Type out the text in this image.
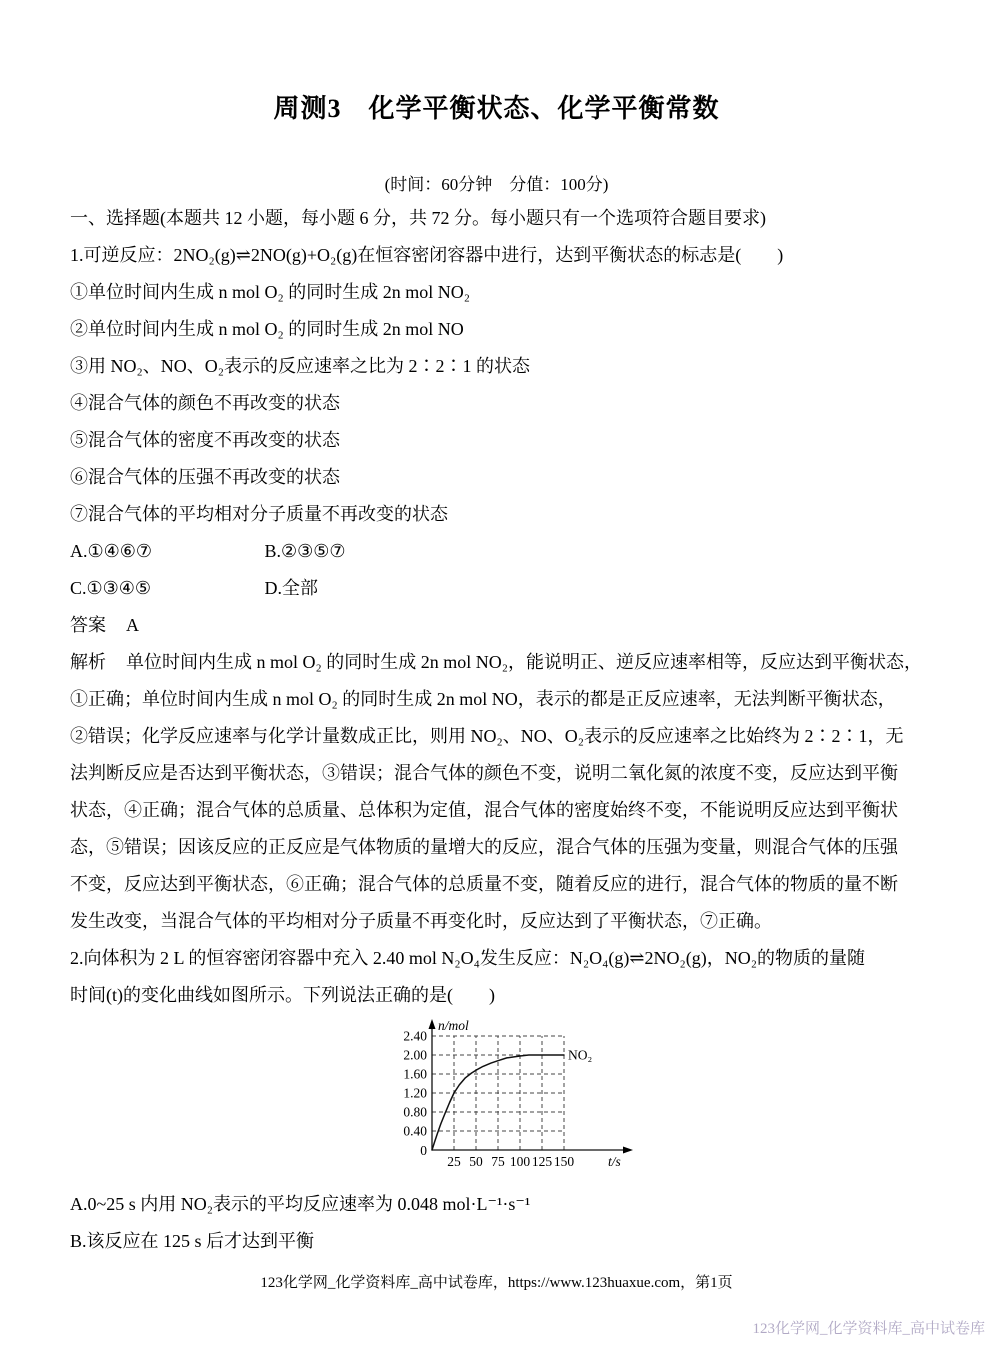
周测3　化学平衡状态、化学平衡常数
(时间：60分钟　分值：100分)
一、选择题(本题共 12 小题，每小题 6 分，共 72 分。每小题只有一个选项符合题目要求)
1.可逆反应：2NO₂(g)⇌2NO(g)+O₂(g)在恒容密闭容器中进行，达到平衡状态的标志是(　　)
①单位时间内生成 n mol O₂ 的同时生成 2n mol NO₂
②单位时间内生成 n mol O₂ 的同时生成 2n mol NO
③用 NO₂、NO、O₂表示的反应速率之比为 2∶2∶1 的状态
④混合气体的颜色不再改变的状态
⑤混合气体的密度不再改变的状态
⑥混合气体的压强不再改变的状态
⑦混合气体的平均相对分子质量不再改变的状态
A.①④⑥⑦	B.②③⑤⑦
C.①③④⑤	D.全部
答案 A
解析 单位时间内生成 n mol O₂ 的同时生成 2n mol NO₂，能说明正、逆反应速率相等，反应达到平衡状态，
①正确；单位时间内生成 n mol O₂ 的同时生成 2n mol NO，表示的都是正反应速率，无法判断平衡状态，
②错误；化学反应速率与化学计量数成正比，则用 NO₂、NO、O₂表示的反应速率之比始终为 2∶2∶1，无
法判断反应是否达到平衡状态，③错误；混合气体的颜色不变，说明二氧化氮的浓度不变，反应达到平衡
状态，④正确；混合气体的总质量、总体积为定值，混合气体的密度始终不变，不能说明反应达到平衡状
态，⑤错误；因该反应的正反应是气体物质的量增大的反应，混合气体的压强为变量，则混合气体的压强
不变，反应达到平衡状态，⑥正确；混合气体的总质量不变，随着反应的进行，混合气体的物质的量不断
发生改变，当混合气体的平均相对分子质量不再变化时，反应达到了平衡状态，⑦正确。
2.向体积为 2 L 的恒容密闭容器中充入 2.40 mol N₂O₄发生反应：N₂O₄(g)⇌2NO₂(g)，NO₂的物质的量随
时间(t)的变化曲线如图所示。下列说法正确的是(　　)
0.40
0.80
1.20
1.60
2.00
2.40
25 50 75 100 125 150
0
n/mol
t/s
NO₂
A.0~25 s 内用 NO₂表示的平均反应速率为 0.048 mol·L⁻¹·s⁻¹
B.该反应在 125 s 后才达到平衡
123化学网_化学资料库_高中试卷库，https://www.123huaxue.com，第1页
123化学网_化学资料库_高中试卷库
